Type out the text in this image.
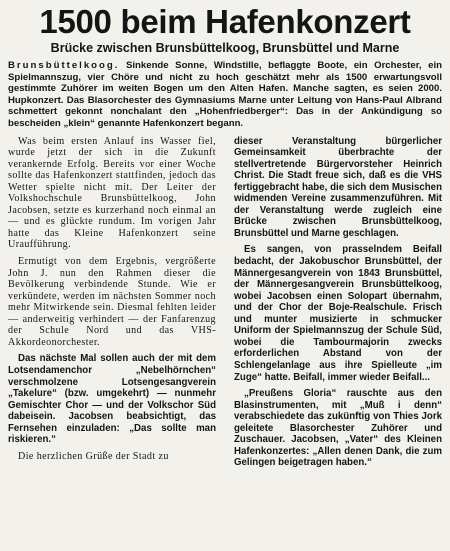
1500 beim Hafenkonzert
Brücke zwischen Brunsbüttelkoog, Brunsbüttel und Marne

Brunsbüttelkoog. Sinkende Sonne, Windstille, beflaggte Boote, ein Orchester, ein Spielmannszug, vier Chöre und nicht zu hoch geschätzt mehr als 1500 erwartungsvoll gestimmte Zuhörer im weiten Bogen um den Alten Hafen. Manche sagten, es seien 2000. Hupkonzert. Das Blasorchester des Gymnasiums Marne unter Leitung von Hans-Paul Albrand schmettert gekonnt nonchalant den „Hohenfriedberger“: Das in der Ankündigung so bescheiden „klein“ genannte Hafenkonzert begann.

Was beim ersten Anlauf ins Wasser fiel, wurde jetzt der sich in die Zukunft verankernde Erfolg. Bereits vor einer Woche sollte das Hafenkonzert stattfinden, jedoch das Wetter spielte nicht mit. Der Leiter der Volkshochschule Brunsbüttelkoog, John Jacobsen, setzte es kurzerhand noch einmal an — und es glückte rundum. Im vorigen Jahr hatte das Kleine Hafenkonzert seine Uraufführung.

Ermutigt von dem Ergebnis, vergrößerte John J. nun den Rahmen dieser die Bevölkerung verbindende Stunde. Wie er verkündete, werden im nächsten Sommer noch mehr Mitwirkende sein. Diesmal fehlten leider — anderweitig verhindert — der Fanfarenzug der Schule Nord und das VHS-Akkordeonorchester.

Das nächste Mal sollen auch der mit dem Lotsendamenchor „Nebelhörnchen“ verschmolzene Lotsengesangverein „Takelure“ (bzw. umgekehrt) — nunmehr Gemischter Chor — und der Volkschor Süd dabeisein. Jacobsen beabsichtigt, das Fernsehen einzuladen: „Das sollte man riskieren.“

Die herzlichen Grüße der Stadt zu

dieser Veranstaltung bürgerlicher Gemeinsamkeit überbrachte der stellvertretende Bürgervorsteher Heinrich Christ. Die Stadt freue sich, daß es die VHS fertiggebracht habe, die sich dem Musischen widmenden Vereine zusammenzuführen. Mit der Veranstaltung werde zugleich eine Brücke zwischen Brunsbüttelkoog, Brunsbüttel und Marne geschlagen.

Es sangen, von prasselndem Beifall bedacht, der Jakobuschor Brunsbüttel, der Männergesangverein von 1843 Brunsbüttel, der Männergesangverein Brunsbüttelkoog, wobei Jacobsen einen Solopart übernahm, und der Chor der Boje-Realschule. Frisch und munter musizierte in schmucker Uniform der Spielmannszug der Schule Süd, wobei die Tambourmajorin zwecks erforderlichen Abstand von der Schlengelanlage aus ihre Spielleute „im Zuge“ hatte. Beifall, immer wieder Beifall...

„Preußens Gloria“ rauschte aus den Blasinstrumenten, mit „Muß i denn“ verabschiedete das zukünftig von Thies Jork geleitete Blasorchester Zuhörer und Zuschauer. Jacobsen, „Vater“ des Kleinen Hafenkonzertes: „Allen denen Dank, die zum Gelingen beigetragen haben.“
